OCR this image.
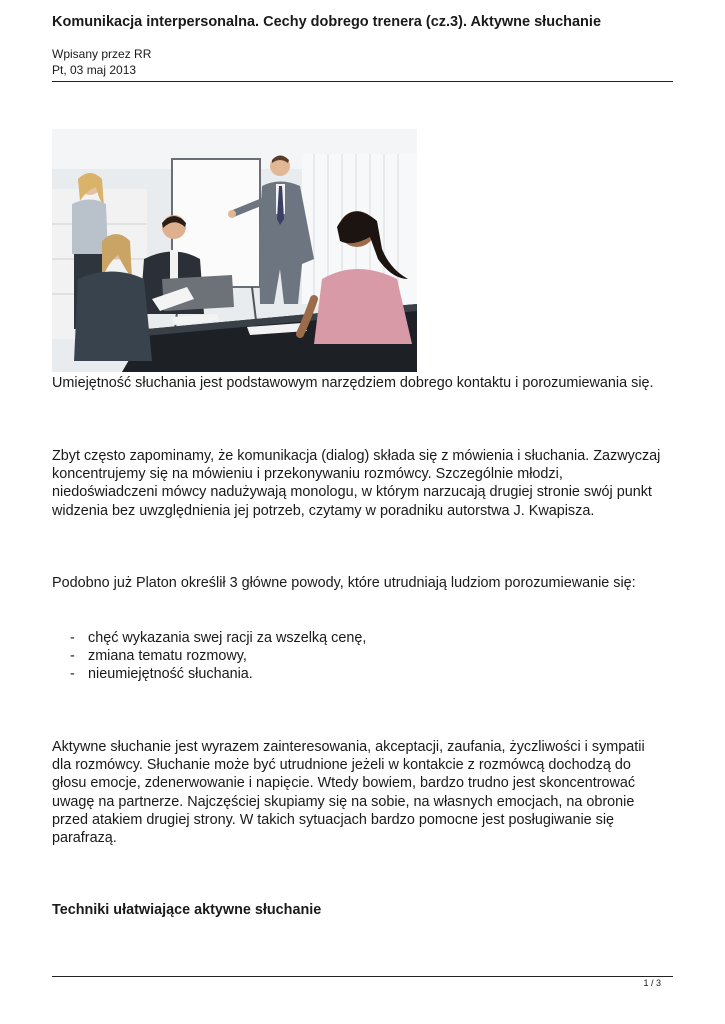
Komunikacja interpersonalna. Cechy dobrego trenera (cz.3). Aktywne słuchanie
Wpisany przez RR
Pt, 03 maj 2013
Umiejętność słuchania jest podstawowym narzędziem dobrego kontaktu i porozumiewania się.

Zbyt często zapominamy, że komunikacja (dialog) składa się z mówienia i słuchania. Zazwyczaj

koncentrujemy się na mówieniu i przekonywaniu rozmówcy. Szczególnie młodzi,

niedoświadczeni mówcy nadużywają monologu, w którym narzucają drugiej stronie swój punkt

widzenia bez uwzględnienia jej potrzeb, czytamy w poradniku autorstwa J. Kwapisza.

Podobno już Platon określił 3 główne powody, które utrudniają ludziom porozumiewanie się:
- chęć wykazania swej racji za wszelką cenę,
- zmiana tematu rozmowy,
- nieumiejętność słuchania.

Aktywne słuchanie jest wyrazem zainteresowania, akceptacji, zaufania, życzliwości i sympatii

dla rozmówcy. Słuchanie może być utrudnione jeżeli w kontakcie z rozmówcą dochodzą do

głosu emocje, zdenerwowanie i napięcie. Wtedy bowiem, bardzo trudno jest skoncentrować

uwagę na partnerze. Najczęściej skupiamy się na sobie, na własnych emocjach, na obronie

przed atakiem drugiej strony. W takich sytuacjach bardzo pomocne jest posługiwanie się

parafrazą.

Techniki ułatwiające aktywne słuchanie
1 / 3
